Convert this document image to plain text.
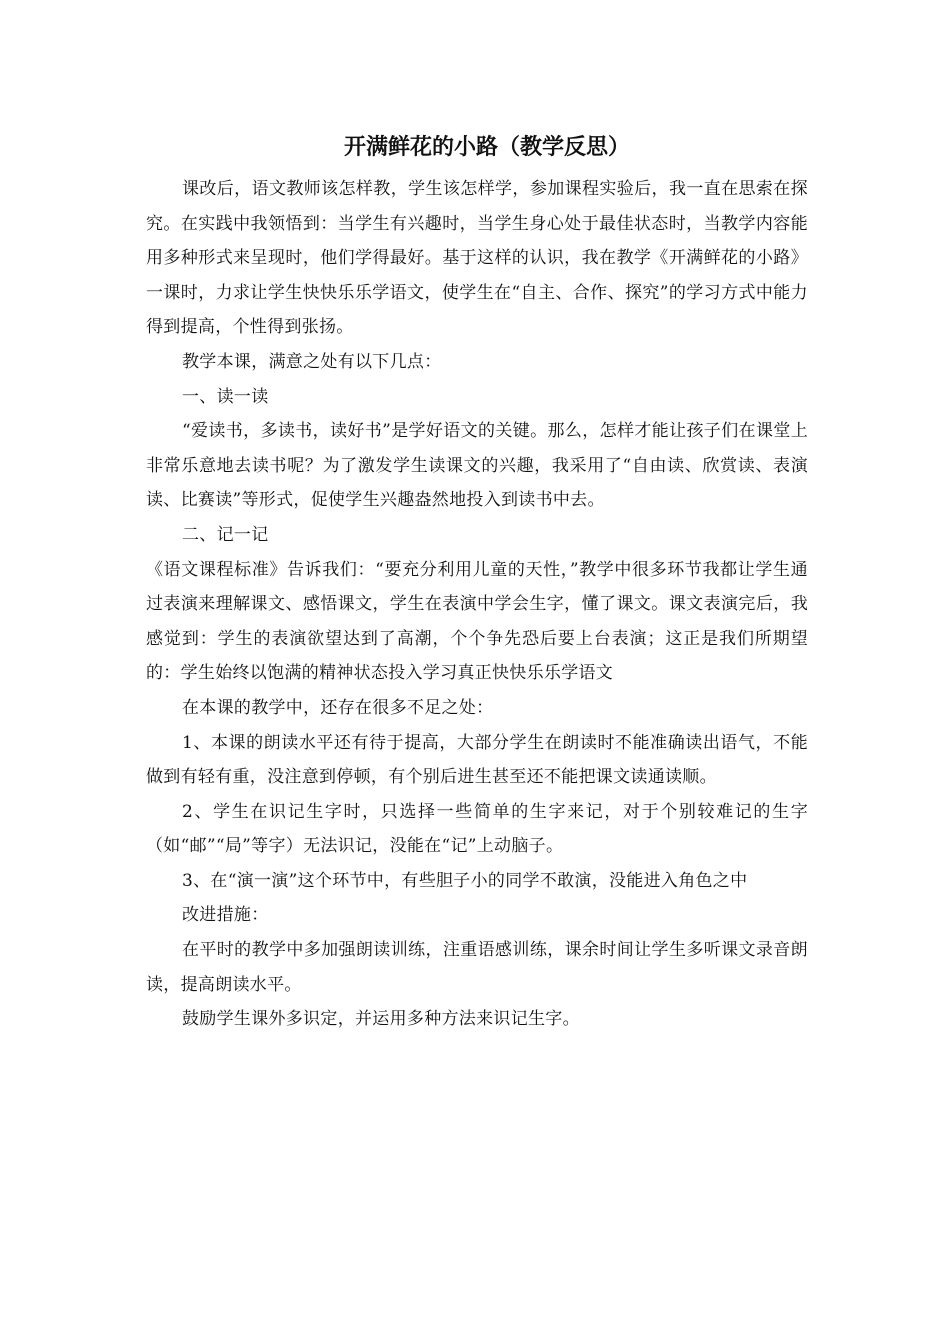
开满鲜花的小路（教学反思）

课改后，语文教师该怎样教，学生该怎样学，参加课程实验后，我一直在思索在探究。在实践中我领悟到：当学生有兴趣时，当学生身心处于最佳状态时，当教学内容能用多种形式来呈现时，他们学得最好。基于这样的认识，我在教学《开满鲜花的小路》一课时，力求让学生快快乐乐学语文，使学生在“自主、合作、探究”的学习方式中能力得到提高，个性得到张扬。

教学本课，满意之处有以下几点：

一、读一读

“爱读书，多读书，读好书”是学好语文的关键。那么，怎样才能让孩子们在课堂上非常乐意地去读书呢？为了激发学生读课文的兴趣，我采用了“自由读、欣赏读、表演读、比赛读”等形式，促使学生兴趣盎然地投入到读书中去。

二、记一记

《语文课程标准》告诉我们：“要充分利用儿童的天性，”教学中很多环节我都让学生通过表演来理解课文、感悟课文，学生在表演中学会生字，懂了课文。课文表演完后，我感觉到：学生的表演欲望达到了高潮，个个争先恐后要上台表演；这正是我们所期望的：学生始终以饱满的精神状态投入学习真正快快乐乐学语文

在本课的教学中，还存在很多不足之处：

1、本课的朗读水平还有待于提高，大部分学生在朗读时不能准确读出语气，不能做到有轻有重，没注意到停顿，有个别后进生甚至还不能把课文读通读顺。

2、学生在识记生字时，只选择一些简单的生字来记，对于个别较难记的生字（如“邮”“局”等字）无法识记，没能在“记”上动脑子。

3、在“演一演”这个环节中，有些胆子小的同学不敢演，没能进入角色之中

改进措施：

在平时的教学中多加强朗读训练，注重语感训练，课余时间让学生多听课文录音朗读，提高朗读水平。

鼓励学生课外多识定，并运用多种方法来识记生字。
